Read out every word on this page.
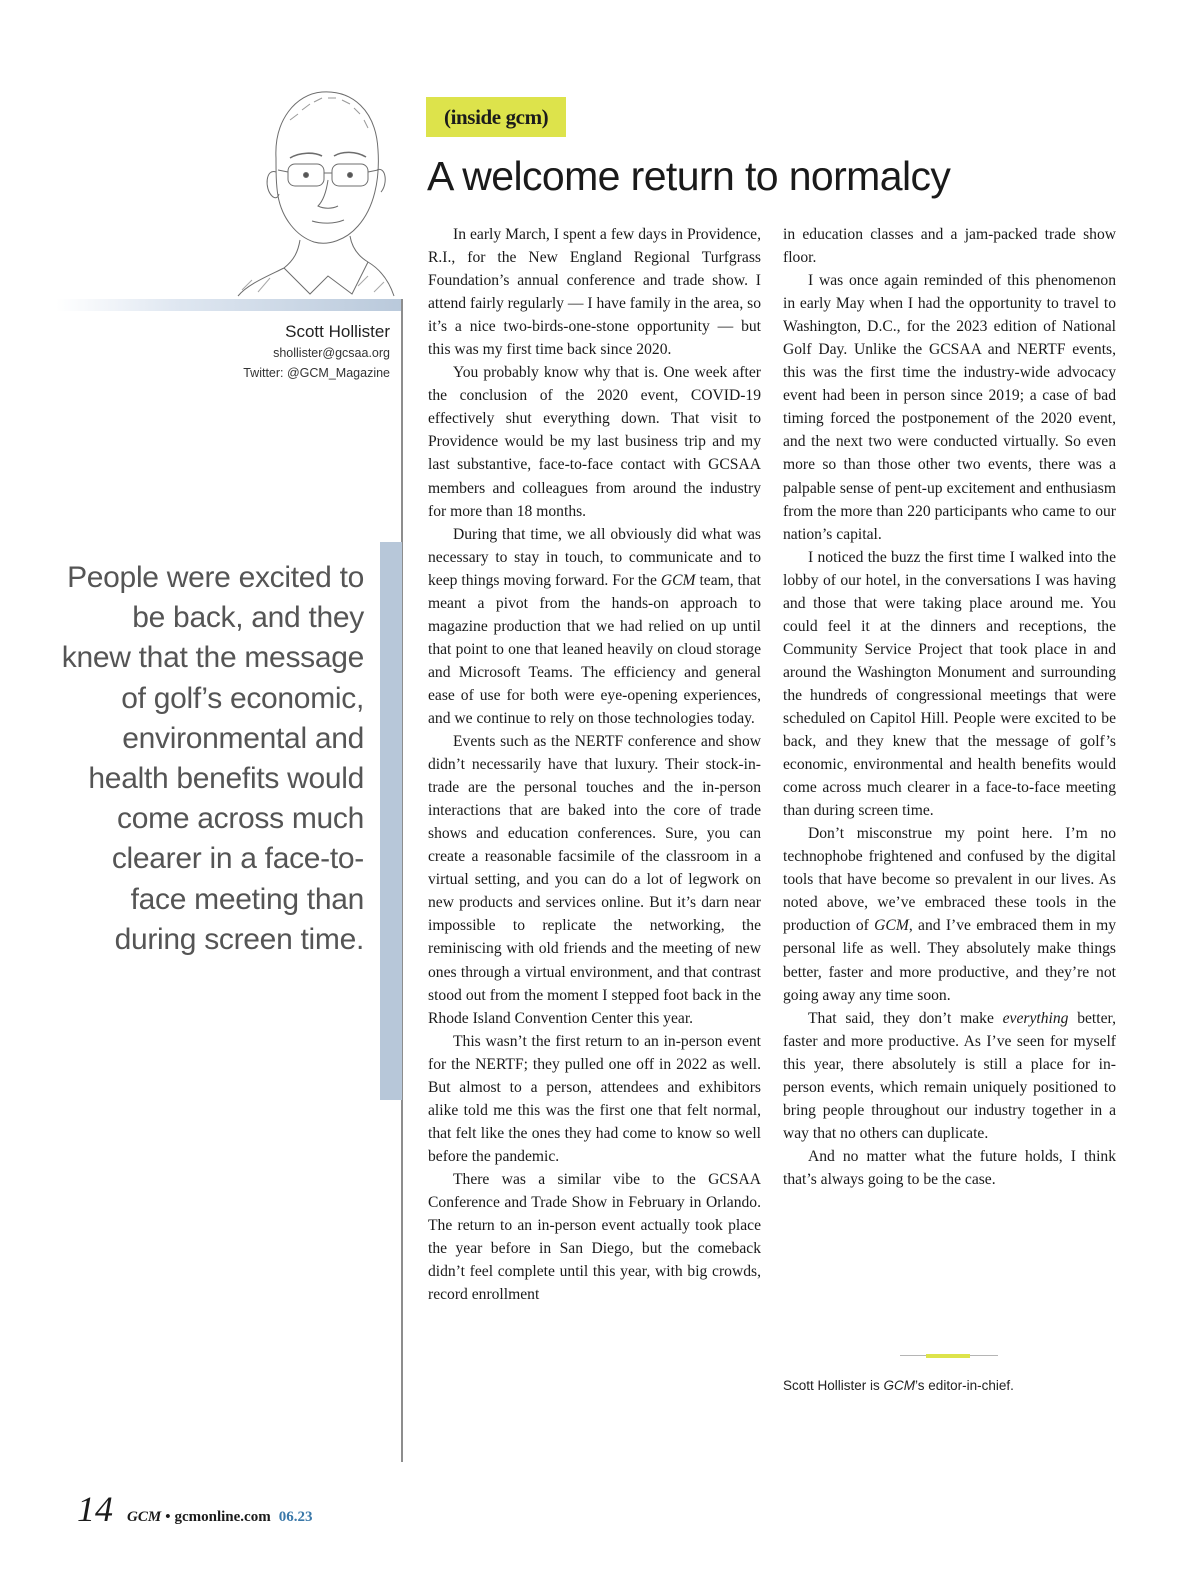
Scott Hollister
shollister@gcsaa.org
Twitter: @GCM_Magazine

People were excited to be back, and they knew that the message of golf’s economic, environmental and health benefits would come across much clearer in a face-to-face meeting than during screen time.

(inside gcm)
A welcome return to normalcy

In early March, I spent a few days in Providence, R.I., for the New England Regional Turfgrass Foundation’s annual conference and trade show. I attend fairly regularly — I have family in the area, so it’s a nice two-birds-one-stone opportunity — but this was my first time back since 2020.

You probably know why that is. One week after the conclusion of the 2020 event, COVID-19 effectively shut everything down. That visit to Providence would be my last business trip and my last substantive, face-to-face contact with GCSAA members and colleagues from around the industry for more than 18 months.

During that time, we all obviously did what was necessary to stay in touch, to communicate and to keep things moving forward. For the GCM team, that meant a pivot from the hands-on approach to magazine production that we had relied on up until that point to one that leaned heavily on cloud storage and Microsoft Teams. The efficiency and general ease of use for both were eye-opening experiences, and we continue to rely on those technologies today.

Events such as the NERTF conference and show didn’t necessarily have that luxury. Their stock-in-trade are the personal touches and the in-person interactions that are baked into the core of trade shows and education conferences. Sure, you can create a reasonable facsimile of the classroom in a virtual setting, and you can do a lot of legwork on new products and services online. But it’s darn near impossible to replicate the networking, the reminiscing with old friends and the meeting of new ones through a virtual environment, and that contrast stood out from the moment I stepped foot back in the Rhode Island Convention Center this year.

This wasn’t the first return to an in-person event for the NERTF; they pulled one off in 2022 as well. But almost to a person, attendees and exhibitors alike told me this was the first one that felt normal, that felt like the ones they had come to know so well before the pandemic.

There was a similar vibe to the GCSAA Conference and Trade Show in February in Orlando. The return to an in-person event actually took place the year before in San Diego, but the comeback didn’t feel complete until this year, with big crowds, record enrollment

in education classes and a jam-packed trade show floor.

I was once again reminded of this phenomenon in early May when I had the opportunity to travel to Washington, D.C., for the 2023 edition of National Golf Day. Unlike the GCSAA and NERTF events, this was the first time the industry-wide advocacy event had been in person since 2019; a case of bad timing forced the postponement of the 2020 event, and the next two were conducted virtually. So even more so than those other two events, there was a palpable sense of pent-up excitement and enthusiasm from the more than 220 participants who came to our nation’s capital.

I noticed the buzz the first time I walked into the lobby of our hotel, in the conversations I was having and those that were taking place around me. You could feel it at the dinners and receptions, the Community Service Project that took place in and around the Washington Monument and surrounding the hundreds of congressional meetings that were scheduled on Capitol Hill. People were excited to be back, and they knew that the message of golf’s economic, environmental and health benefits would come across much clearer in a face-to-face meeting than during screen time.

Don’t misconstrue my point here. I’m no technophobe frightened and confused by the digital tools that have become so prevalent in our lives. As noted above, we’ve embraced these tools in the production of GCM, and I’ve embraced them in my personal life as well. They absolutely make things better, faster and more productive, and they’re not going away any time soon.

That said, they don’t make everything better, faster and more productive. As I’ve seen for myself this year, there absolutely is still a place for in-person events, which remain uniquely positioned to bring people throughout our industry together in a way that no others can duplicate.

And no matter what the future holds, I think that’s always going to be the case.

Scott Hollister is GCM’s editor-in-chief.
14 GCM • gcmonline.com 06.23
